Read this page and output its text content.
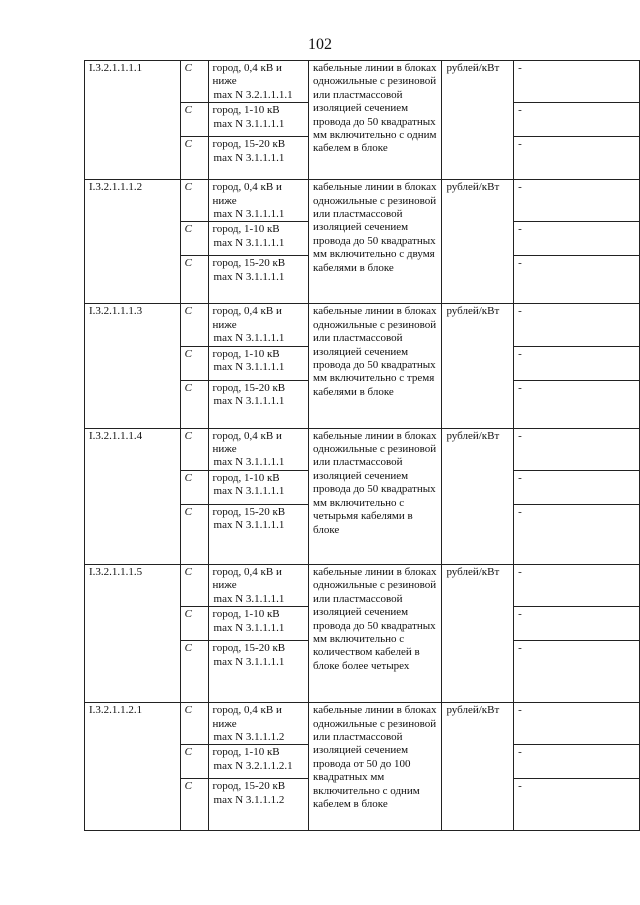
102
I.3.2.1.1.1.1	С	город, 0,4 кВ и ниже
max N 3.2.1.1.1.1	кабельные линии в блоках одножильные с резиновой или пластмассовой изоляцией сечением провода до 50 квадратных мм включительно с одним кабелем в блоке	рублей/кВт	-
	С	город, 1-10 кВ
max N 3.1.1.1.1			-
	С	город, 15-20 кВ
max N 3.1.1.1.1			-
I.3.2.1.1.1.2	С	город, 0,4 кВ и ниже
max N 3.1.1.1.1	кабельные линии в блоках одножильные с резиновой или пластмассовой изоляцией сечением провода до 50 квадратных мм включительно с двумя кабелями в блоке	рублей/кВт	-
	С	город, 1-10 кВ
max N 3.1.1.1.1			-
	С	город, 15-20 кВ
max N 3.1.1.1.1			-
I.3.2.1.1.1.3	С	город, 0,4 кВ и ниже
max N 3.1.1.1.1	кабельные линии в блоках одножильные с резиновой или пластмассовой изоляцией сечением провода до 50 квадратных мм включительно с тремя кабелями в блоке	рублей/кВт	-
	С	город, 1-10 кВ
max N 3.1.1.1.1			-
	С	город, 15-20 кВ
max N 3.1.1.1.1			-
I.3.2.1.1.1.4	С	город, 0,4 кВ и ниже
max N 3.1.1.1.1	кабельные линии в блоках одножильные с резиновой или пластмассовой изоляцией сечением провода до 50 квадратных мм включительно с четырьмя кабелями в блоке	рублей/кВт	-
	С	город, 1-10 кВ
max N 3.1.1.1.1			-
	С	город, 15-20 кВ
max N 3.1.1.1.1			-
I.3.2.1.1.1.5	С	город, 0,4 кВ и ниже
max N 3.1.1.1.1	кабельные линии в блоках одножильные с резиновой или пластмассовой изоляцией сечением провода до 50 квадратных мм включительно с количеством кабелей в блоке более четырех	рублей/кВт	-
	С	город, 1-10 кВ
max N 3.1.1.1.1			-
	С	город, 15-20 кВ
max N 3.1.1.1.1			-
I.3.2.1.1.2.1	С	город, 0,4 кВ и ниже
max N 3.1.1.1.2	кабельные линии в блоках одножильные с резиновой или пластмассовой изоляцией сечением провода от 50 до 100 квадратных мм включительно с одним кабелем в блоке	рублей/кВт	-
	С	город, 1-10 кВ
max N 3.2.1.1.2.1			-
	С	город, 15-20 кВ
max N 3.1.1.1.2			-
